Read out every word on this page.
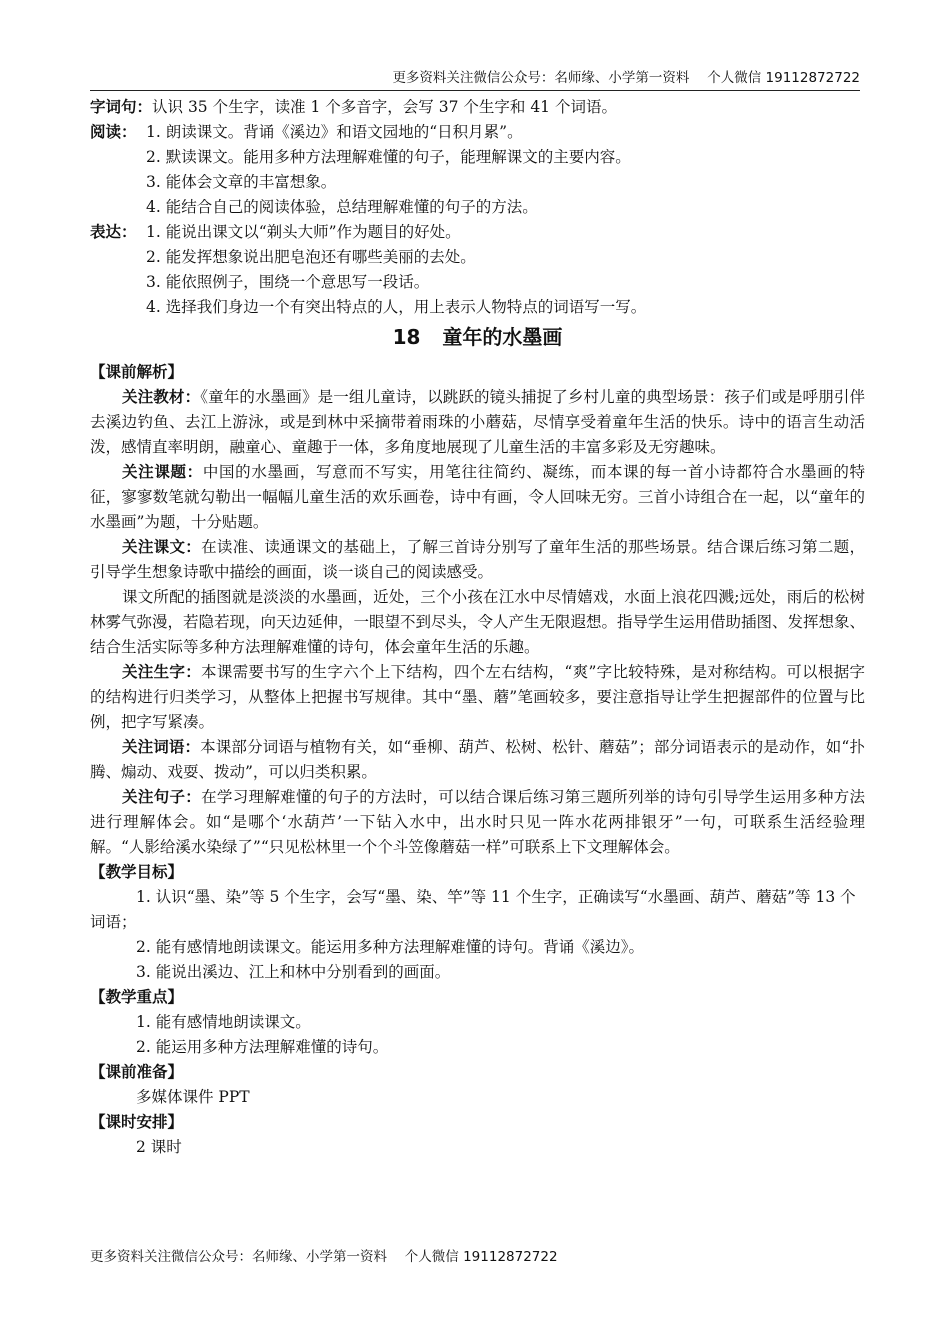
更多资料关注微信公众号：名师缘、小学第一资料　 个人微信 19112872722
字词句：认识 35 个生字，读准 1 个多音字，会写 37 个生字和 41 个词语。
阅读： 1. 朗读课文。背诵《溪边》和语文园地的“日积月累”。
2. 默读课文。能用多种方法理解难懂的句子，能理解课文的主要内容。
3. 能体会文章的丰富想象。
4. 能结合自己的阅读体验，总结理解难懂的句子的方法。
表达： 1. 能说出课文以“剃头大师”作为题目的好处。
2. 能发挥想象说出肥皂泡还有哪些美丽的去处。
3. 能依照例子，围绕一个意思写一段话。
4. 选择我们身边一个有突出特点的人，用上表示人物特点的词语写一写。
18 童年的水墨画
【课前解析】
关注教材：《童年的水墨画》是一组儿童诗，以跳跃的镜头捕捉了乡村儿童的典型场景：孩子们或是呼朋引伴去溪边钓鱼、去江上游泳，或是到林中采摘带着雨珠的小蘑菇，尽情享受着童年生活的快乐。诗中的语言生动活泼，感情直率明朗，融童心、童趣于一体，多角度地展现了儿童生活的丰富多彩及无穷趣味。
关注课题：中国的水墨画，写意而不写实，用笔往往简约、凝练，而本课的每一首小诗都符合水墨画的特征，寥寥数笔就勾勒出一幅幅儿童生活的欢乐画卷，诗中有画，令人回味无穷。三首小诗组合在一起，以“童年的水墨画”为题，十分贴题。
关注课文：在读准、读通课文的基础上，了解三首诗分别写了童年生活的那些场景。结合课后练习第二题，引导学生想象诗歌中描绘的画面，谈一谈自己的阅读感受。
课文所配的插图就是淡淡的水墨画，近处，三个小孩在江水中尽情嬉戏，水面上浪花四溅;远处，雨后的松树林雾气弥漫，若隐若现，向天边延伸，一眼望不到尽头，令人产生无限遐想。指导学生运用借助插图、发挥想象、结合生活实际等多种方法理解难懂的诗句，体会童年生活的乐趣。
关注生字：本课需要书写的生字六个上下结构，四个左右结构，“爽”字比较特殊，是对称结构。可以根据字的结构进行归类学习，从整体上把握书写规律。其中“墨、蘑”笔画较多，要注意指导让学生把握部件的位置与比例，把字写紧凑。
关注词语：本课部分词语与植物有关，如“垂柳、葫芦、松树、松针、蘑菇”；部分词语表示的是动作，如“扑腾、煽动、戏耍、拨动”，可以归类积累。
关注句子：在学习理解难懂的句子的方法时，可以结合课后练习第三题所列举的诗句引导学生运用多种方法进行理解体会。如“是哪个‘水葫芦’一下钻入水中，出水时只见一阵水花两排银牙”一句，可联系生活经验理解。“人影给溪水染绿了”“只见松林里一个个斗笠像蘑菇一样”可联系上下文理解体会。
【教学目标】
1. 认识“墨、染”等 5 个生字，会写“墨、染、竿”等 11 个生字，正确读写“水墨画、葫芦、蘑菇”等 13 个词语；
2. 能有感情地朗读课文。能运用多种方法理解难懂的诗句。背诵《溪边》。
3. 能说出溪边、江上和林中分别看到的画面。
【教学重点】
1. 能有感情地朗读课文。
2. 能运用多种方法理解难懂的诗句。
【课前准备】
多媒体课件 PPT
【课时安排】
2 课时
更多资料关注微信公众号：名师缘、小学第一资料　 个人微信 19112872722
